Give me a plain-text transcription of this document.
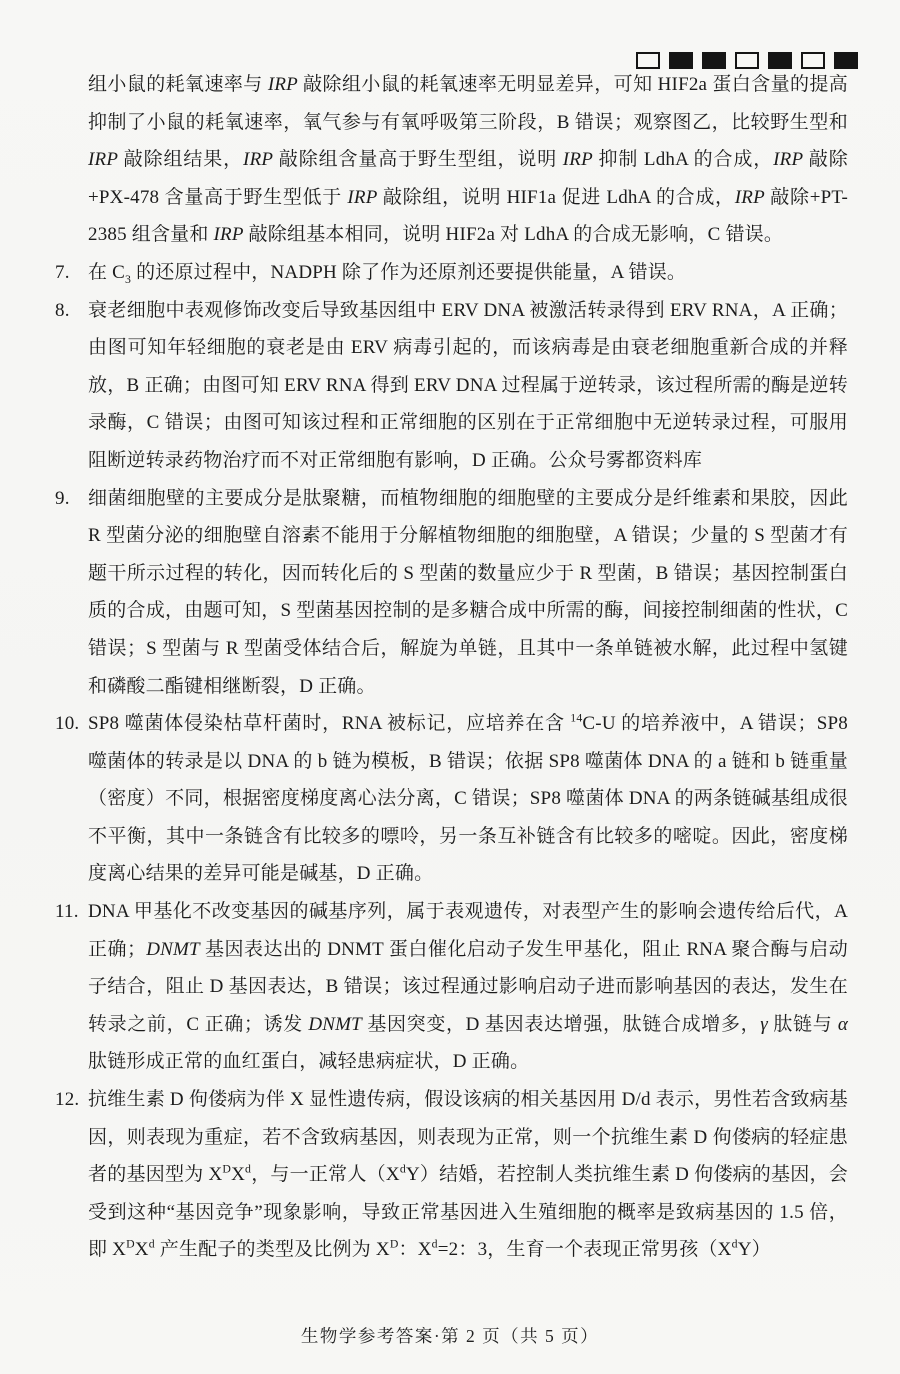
组小鼠的耗氧速率与 IRP 敲除组小鼠的耗氧速率无明显差异，可知 HIF2a 蛋白含量的提高抑制了小鼠的耗氧速率，氧气参与有氧呼吸第三阶段，B 错误；观察图乙，比较野生型和 IRP 敲除组结果，IRP 敲除组含量高于野生型组，说明 IRP 抑制 LdhA 的合成，IRP 敲除+PX-478 含量高于野生型低于 IRP 敲除组，说明 HIF1a 促进 LdhA 的合成，IRP 敲除+PT-2385 组含量和 IRP 敲除组基本相同，说明 HIF2a 对 LdhA 的合成无影响，C 错误。
7. 在 $C_3$ 的还原过程中，NADPH 除了作为还原剂还要提供能量，A 错误。
8. 衰老细胞中表观修饰改变后导致基因组中 ERV DNA 被激活转录得到 ERV RNA，A 正确；由图可知年轻细胞的衰老是由 ERV 病毒引起的，而该病毒是由衰老细胞重新合成的并释放，B 正确；由图可知 ERV RNA 得到 ERV DNA 过程属于逆转录，该过程所需的酶是逆转录酶，C 错误；由图可知该过程和正常细胞的区别在于正常细胞中无逆转录过程，可服用阻断逆转录药物治疗而不对正常细胞有影响，D 正确。公众号雾都资料库
9. 细菌细胞壁的主要成分是肽聚糖，而植物细胞的细胞壁的主要成分是纤维素和果胶，因此 R 型菌分泌的细胞壁自溶素不能用于分解植物细胞的细胞壁，A 错误；少量的 S 型菌才有题干所示过程的转化，因而转化后的 S 型菌的数量应少于 R 型菌，B 错误；基因控制蛋白质的合成，由题可知，S 型菌基因控制的是多糖合成中所需的酶，间接控制细菌的性状，C 错误；S 型菌与 R 型菌受体结合后，解旋为单链，且其中一条单链被水解，此过程中氢键和磷酸二酯键相继断裂，D 正确。
10. SP8 噬菌体侵染枯草杆菌时，RNA 被标记，应培养在含 $^{14}$C-U 的培养液中，A 错误；SP8 噬菌体的转录是以 DNA 的 b 链为模板，B 错误；依据 SP8 噬菌体 DNA 的 a 链和 b 链重量（密度）不同，根据密度梯度离心法分离，C 错误；SP8 噬菌体 DNA 的两条链碱基组成很不平衡，其中一条链含有比较多的嘌呤，另一条互补链含有比较多的嘧啶。因此，密度梯度离心结果的差异可能是碱基，D 正确。
11. DNA 甲基化不改变基因的碱基序列，属于表观遗传，对表型产生的影响会遗传给后代，A 正确；DNMT 基因表达出的 DNMT 蛋白催化启动子发生甲基化，阻止 RNA 聚合酶与启动子结合，阻止 D 基因表达，B 错误；该过程通过影响启动子进而影响基因的表达，发生在转录之前，C 正确；诱发 DNMT 基因突变，D 基因表达增强，肽链合成增多，γ 肽链与 α 肽链形成正常的血红蛋白，减轻患病症状，D 正确。
12. 抗维生素 D 佝偻病为伴 X 显性遗传病，假设该病的相关基因用 D/d 表示，男性若含致病基因，则表现为重症，若不含致病基因，则表现为正常，则一个抗维生素 D 佝偻病的轻症患者的基因型为 $X^DX^d$，与一正常人$(X^dY)$结婚，若控制人类抗维生素 D 佝偻病的基因，会受到这种“基因竞争”现象影响，导致正常基因进入生殖细胞的概率是致病基因的 1.5 倍，即 $X^DX^d$ 产生配子的类型及比例为 $X^D$：$X^d=2$：3，生育一个表现正常男孩$(X^dY)$
生物学参考答案·第 2 页（共 5 页）
